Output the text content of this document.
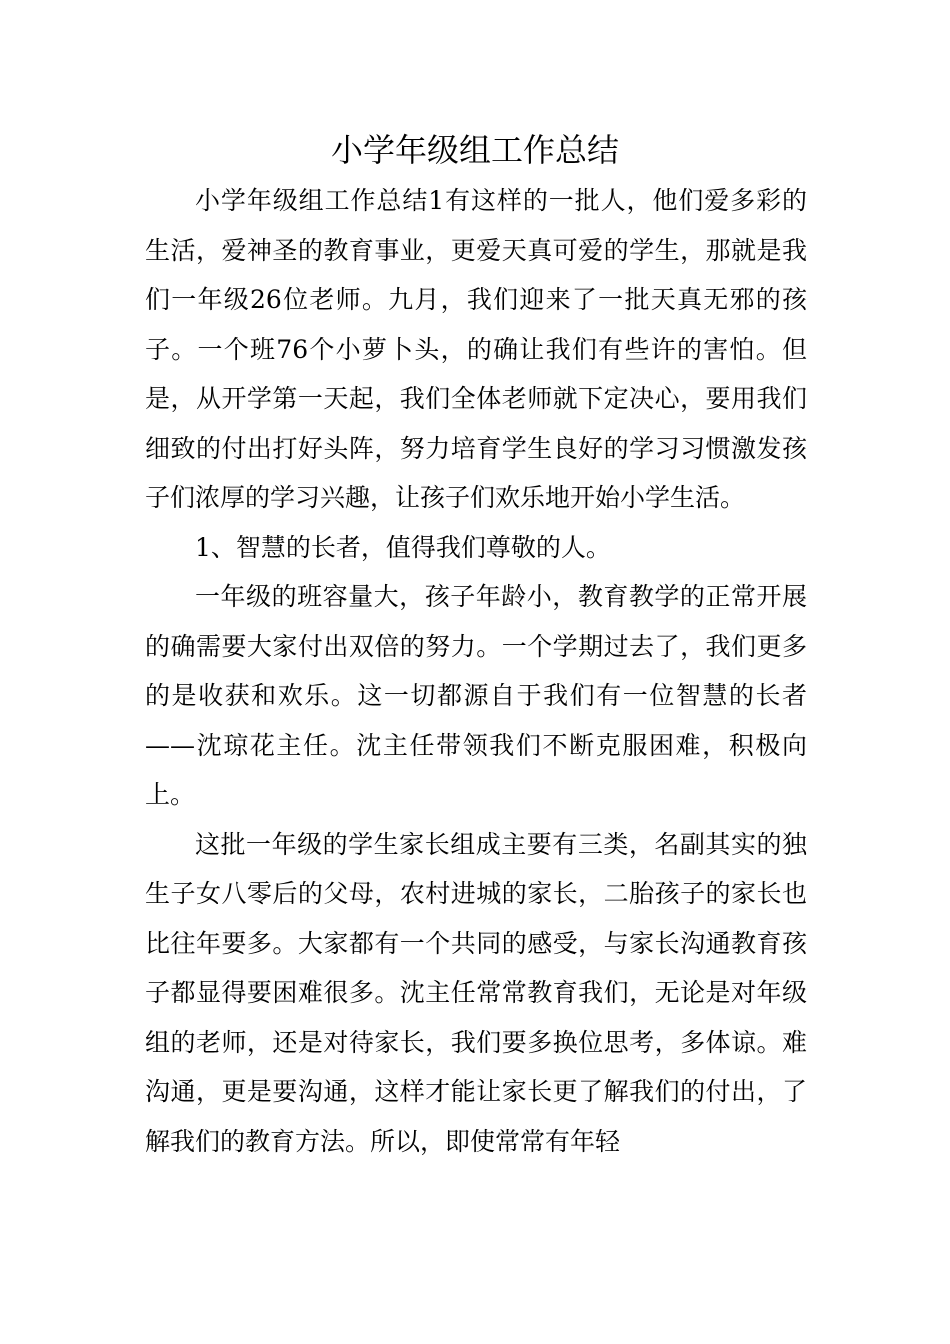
小学年级组工作总结

小学年级组工作总结1有这样的一批人，他们爱多彩的生活，爱神圣的教育事业，更爱天真可爱的学生，那就是我们一年级26位老师。九月，我们迎来了一批天真无邪的孩子。一个班76个小萝卜头，的确让我们有些许的害怕。但是，从开学第一天起，我们全体老师就下定决心，要用我们细致的付出打好头阵，努力培育学生良好的学习习惯激发孩子们浓厚的学习兴趣，让孩子们欢乐地开始小学生活。

1、智慧的长者，值得我们尊敬的人。

一年级的班容量大，孩子年龄小，教育教学的正常开展的确需要大家付出双倍的努力。一个学期过去了，我们更多的是收获和欢乐。这一切都源自于我们有一位智慧的长者——沈琼花主任。沈主任带领我们不断克服困难，积极向上。

这批一年级的学生家长组成主要有三类，名副其实的独生子女八零后的父母，农村进城的家长，二胎孩子的家长也比往年要多。大家都有一个共同的感受，与家长沟通教育孩子都显得要困难很多。沈主任常常教育我们，无论是对年级组的老师，还是对待家长，我们要多换位思考，多体谅。难沟通，更是要沟通，这样才能让家长更了解我们的付出，了解我们的教育方法。所以，即使常常有年轻
